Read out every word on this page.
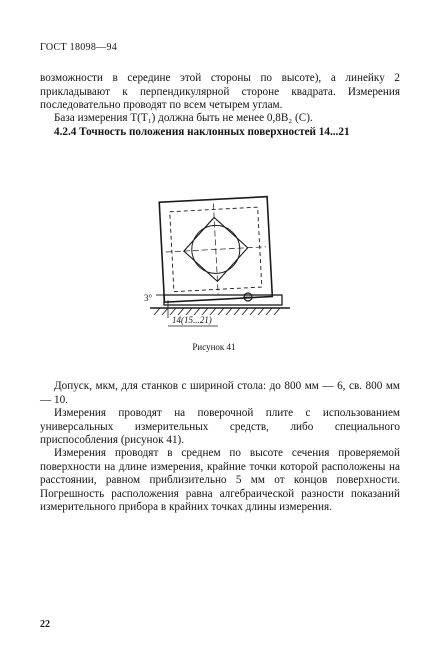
ГОСТ 18098—94

возможности в середине этой стороны по высоте), а линейку 2 прикладывают к перпендикулярной стороне квадрата. Измерения последовательно проводят по всем четырем углам.

База измерения T(T₁) должна быть не менее 0,8B₂ (С).

4.2.4 Точность положения наклонных поверхностей 14...21

3°
14(15...21)
Рисунок 41

Допуск, мкм, для станков с шириной стола: до 800 мм — 6, св. 800 мм — 10.

Измерения проводят на поверочной плите с использованием универсальных измерительных средств, либо специального приспособления (рисунок 41).

Измерения проводят в среднем по высоте сечения проверяемой поверхности на длине измерения, крайние точки которой расположены на расстоянии, равном приблизительно 5 мм от концов поверхности. Погрешность расположения равна алгебраической разности показаний измерительного прибора в крайних точках длины измерения.

22
